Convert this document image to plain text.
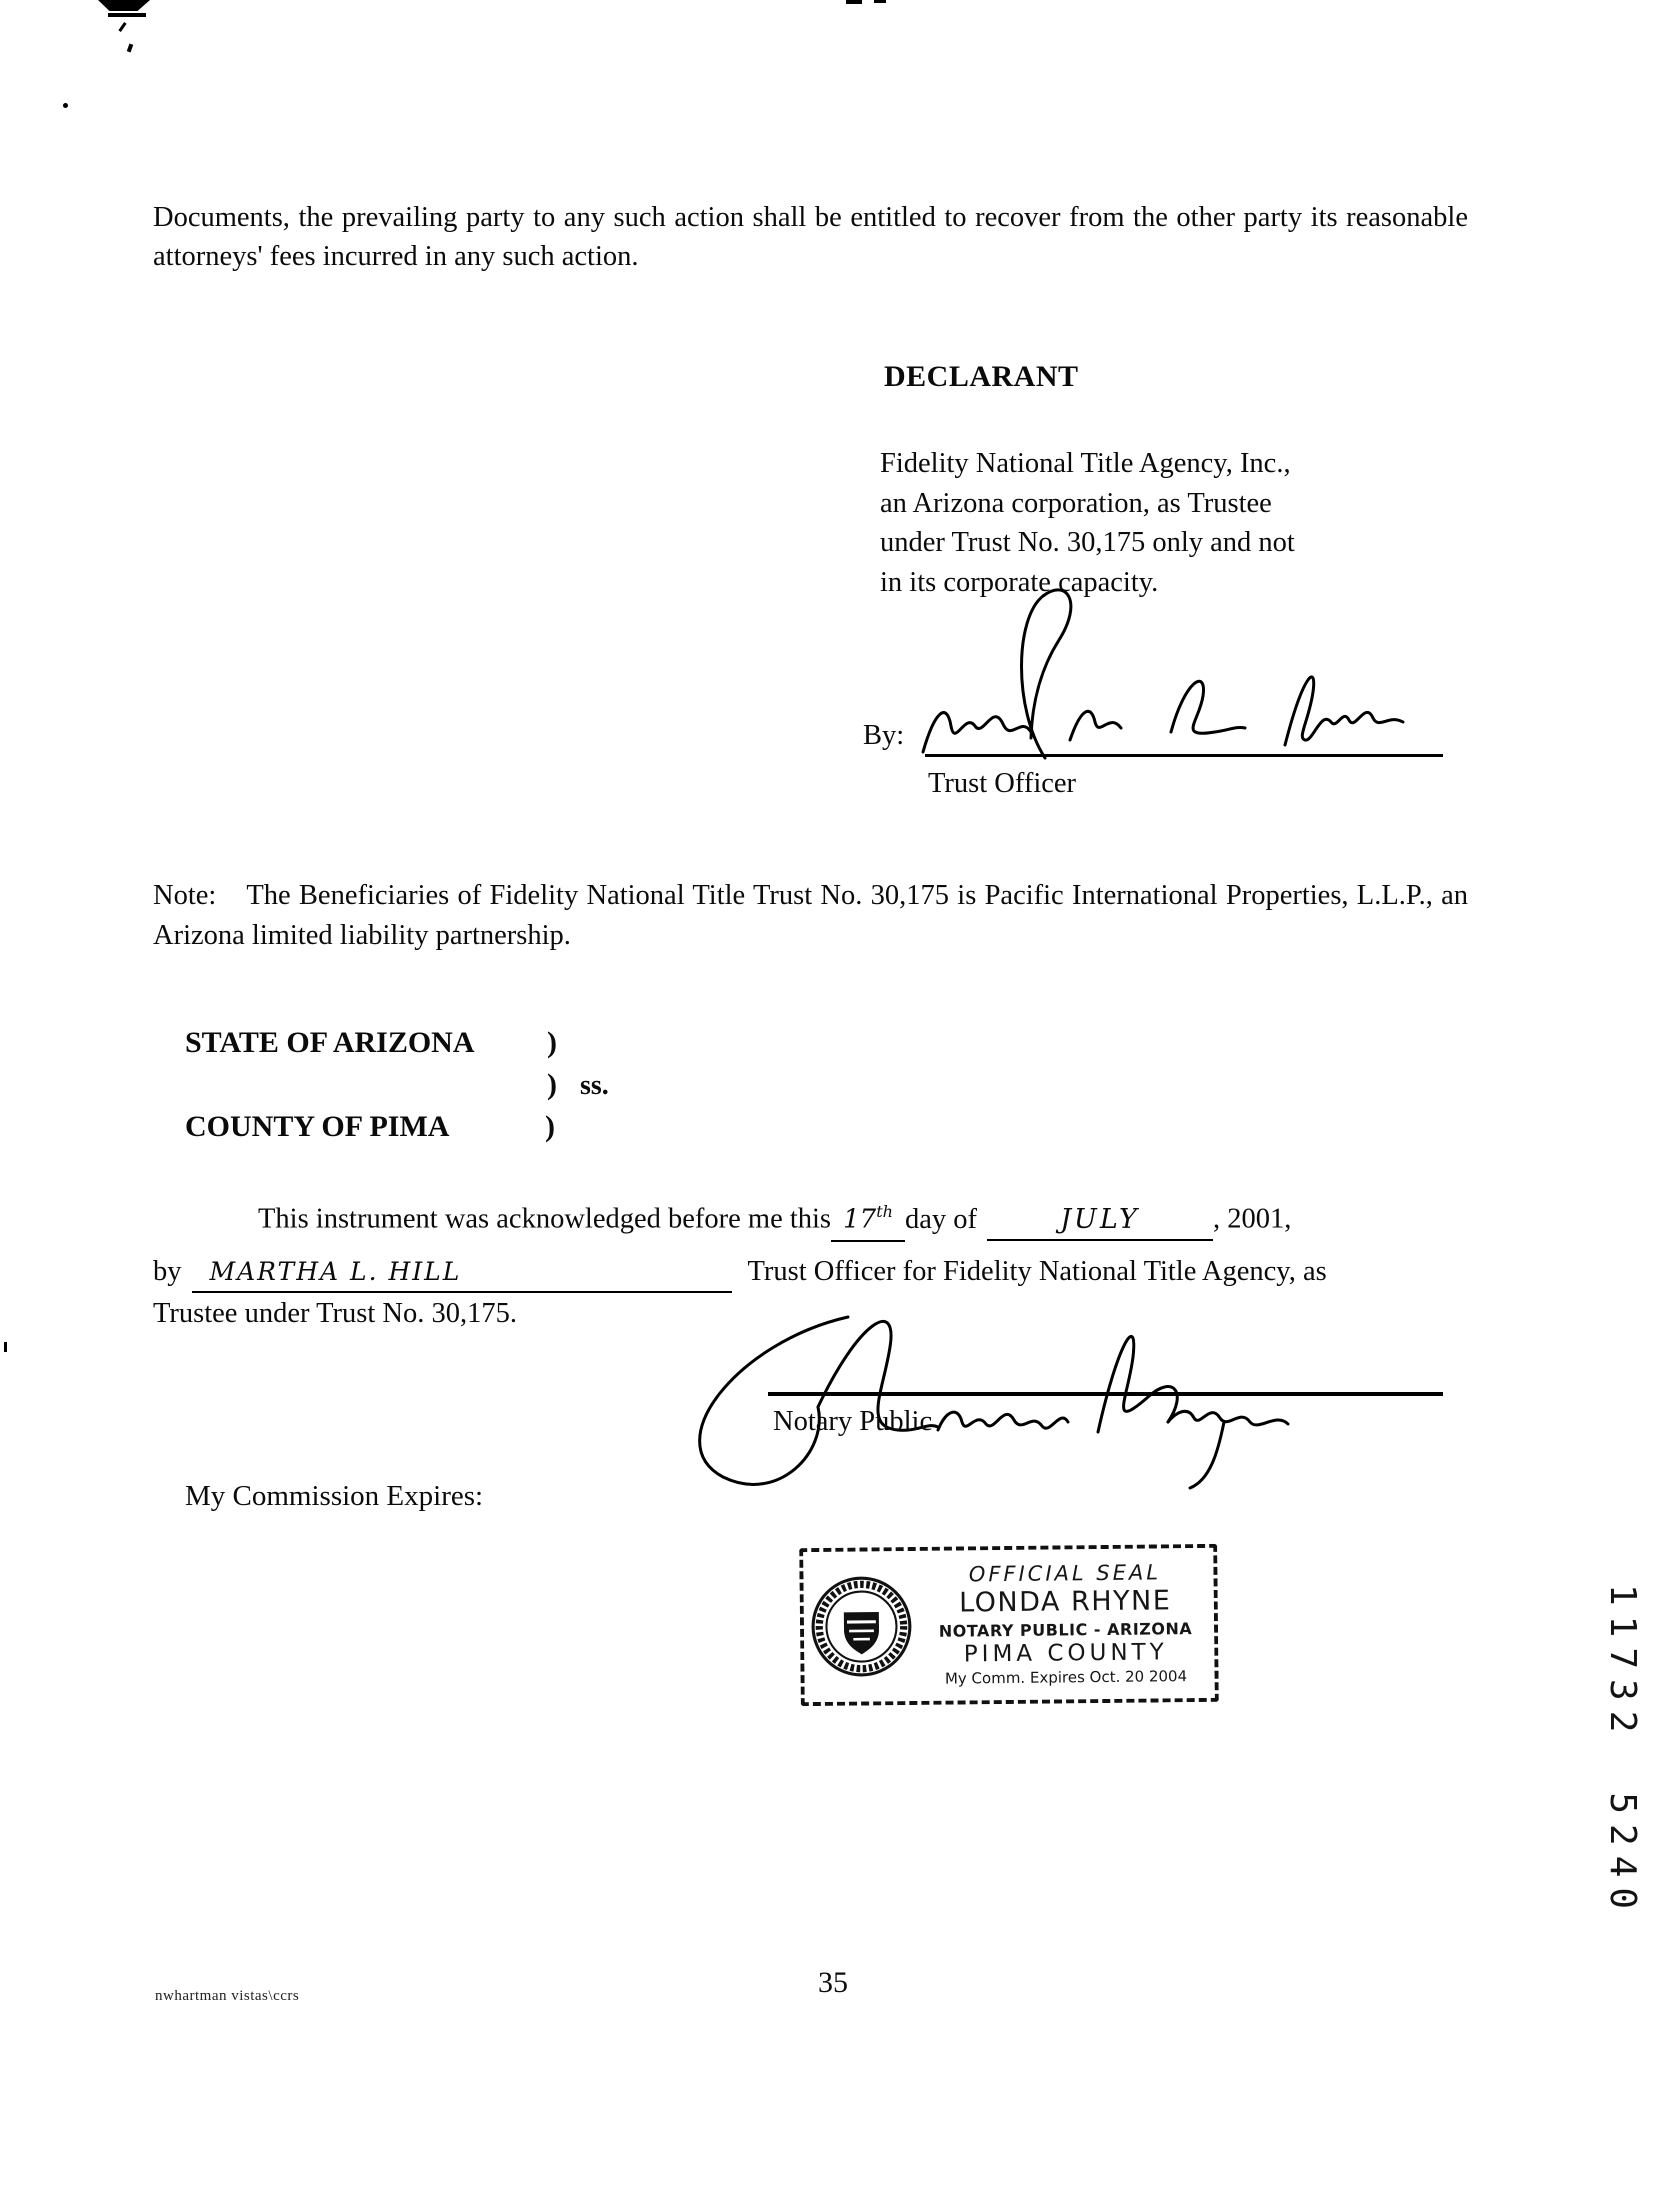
Documents, the prevailing party to any such action shall be entitled to recover from the other party its reasonable attorneys' fees incurred in any such action.
DECLARANT
Fidelity National Title Agency, Inc.,
an Arizona corporation, as Trustee
under Trust No. 30,175 only and not
in its corporate capacity.
By:
Trust Officer
Note: The Beneficiaries of Fidelity National Title Trust No. 30,175 is Pacific International Properties, L.L.P., an Arizona limited liability partnership.
STATE OF ARIZONA )
) ss.
COUNTY OF PIMA	)
This instrument was acknowledged before me this 17th day of	JULY	, 2001,
by MARTHA L. HILL	Trust Officer for Fidelity National Title Agency, as
Trustee under Trust No. 30,175.
Notary Public
My Commission Expires:
OFFICIAL SEAL
LONDA RHYNE
NOTARY PUBLIC - ARIZONA
PIMA COUNTY
My Comm. Expires Oct. 20 2004	117325240
nwhartman vistas\ccrs	35
